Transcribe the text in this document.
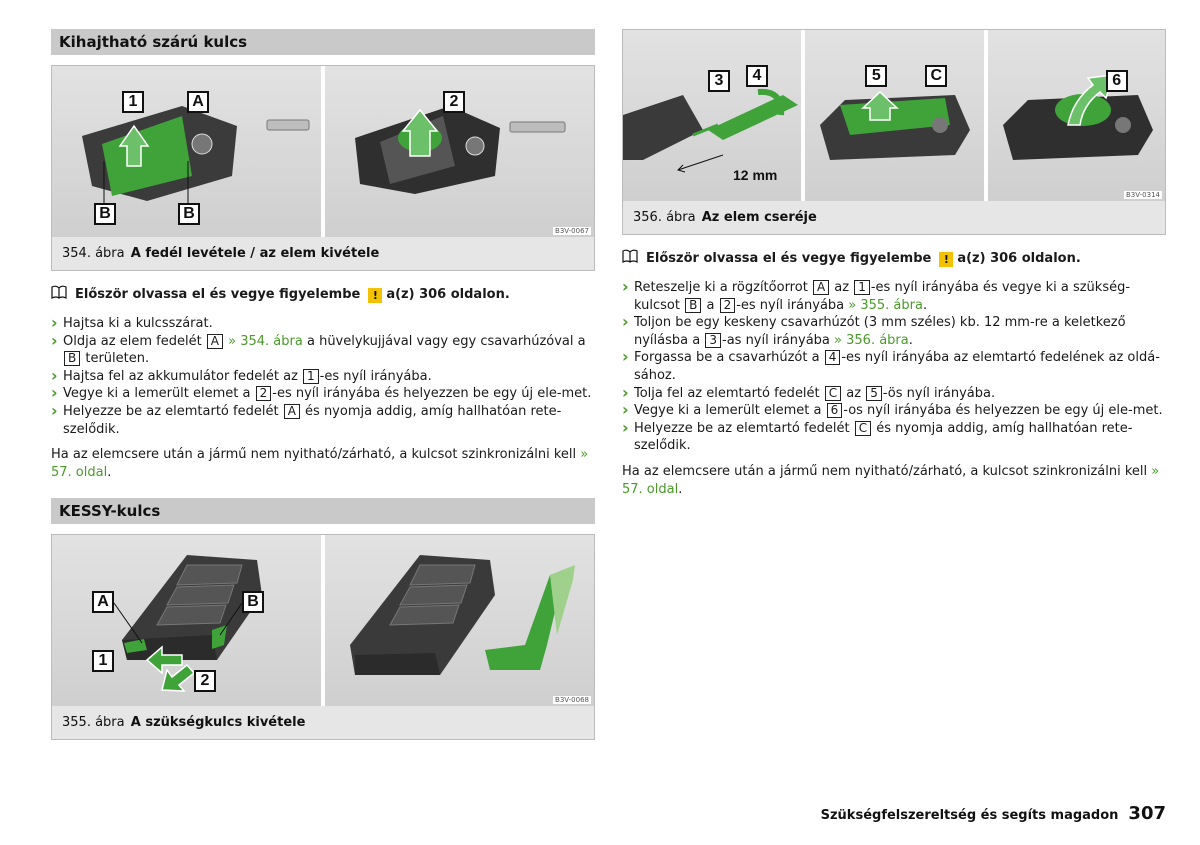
Kihajtható szárú kulcs
1	A
B	B
2
B3V-0067
354. ábra A fedél levétele / az elem kivétele
Először olvassa el és vegye figyelembe	! a(z) 306 oldalon.
› Hajtsa ki a kulcsszárat.
› Oldja az elem fedelét A » 354. ábra a hüvelykujjával vagy egy csavarhúzóval a B területen.
› Hajtsa fel az akkumulátor fedelét az 1 -es nyíl irányába.
› Vegye ki a lemerült elemet a 2 -es nyíl irányába és helyezzen be egy új ele-met.
› Helyezze be az elemtartó fedelét A és nyomja addig, amíg hallhatóan rete-szelődik.

Ha az elemcsere után a jármű nem nyitható/zárható, a kulcsot szinkronizálni kell » 57. oldal.

KESSY-kulcs
A	B
1
2
B3V-0068
355. ábra A szükségkulcs kivétele
12 mm
3	4	5	C	6
B3V-0314
356. ábra Az elem cseréje
Először olvassa el és vegye figyelembe	! a(z) 306 oldalon.
› Reteszelje ki a rögzítőorrot A az 1 -es nyíl irányába és vegye ki a szükség-kulcsot B a 2 -es nyíl irányába » 355. ábra.
› Toljon be egy keskeny csavarhúzót (3 mm széles) kb. 12 mm-re a keletkező nyílásba a 3 -as nyíl irányába » 356. ábra.
› Forgassa be a csavarhúzót a 4 -es nyíl irányába az elemtartó fedelének az oldá-sához.
› Tolja fel az elemtartó fedelét C az 5 -ös nyíl irányába.
› Vegye ki a lemerült elemet a 6 -os nyíl irányába és helyezzen be egy új ele-met.
› Helyezze be az elemtartó fedelét C és nyomja addig, amíg hallhatóan rete-szelődik.

Ha az elemcsere után a jármű nem nyitható/zárható, a kulcsot szinkronizálni kell » 57. oldal.

Szükségfelszereltség és segíts magadon 307
